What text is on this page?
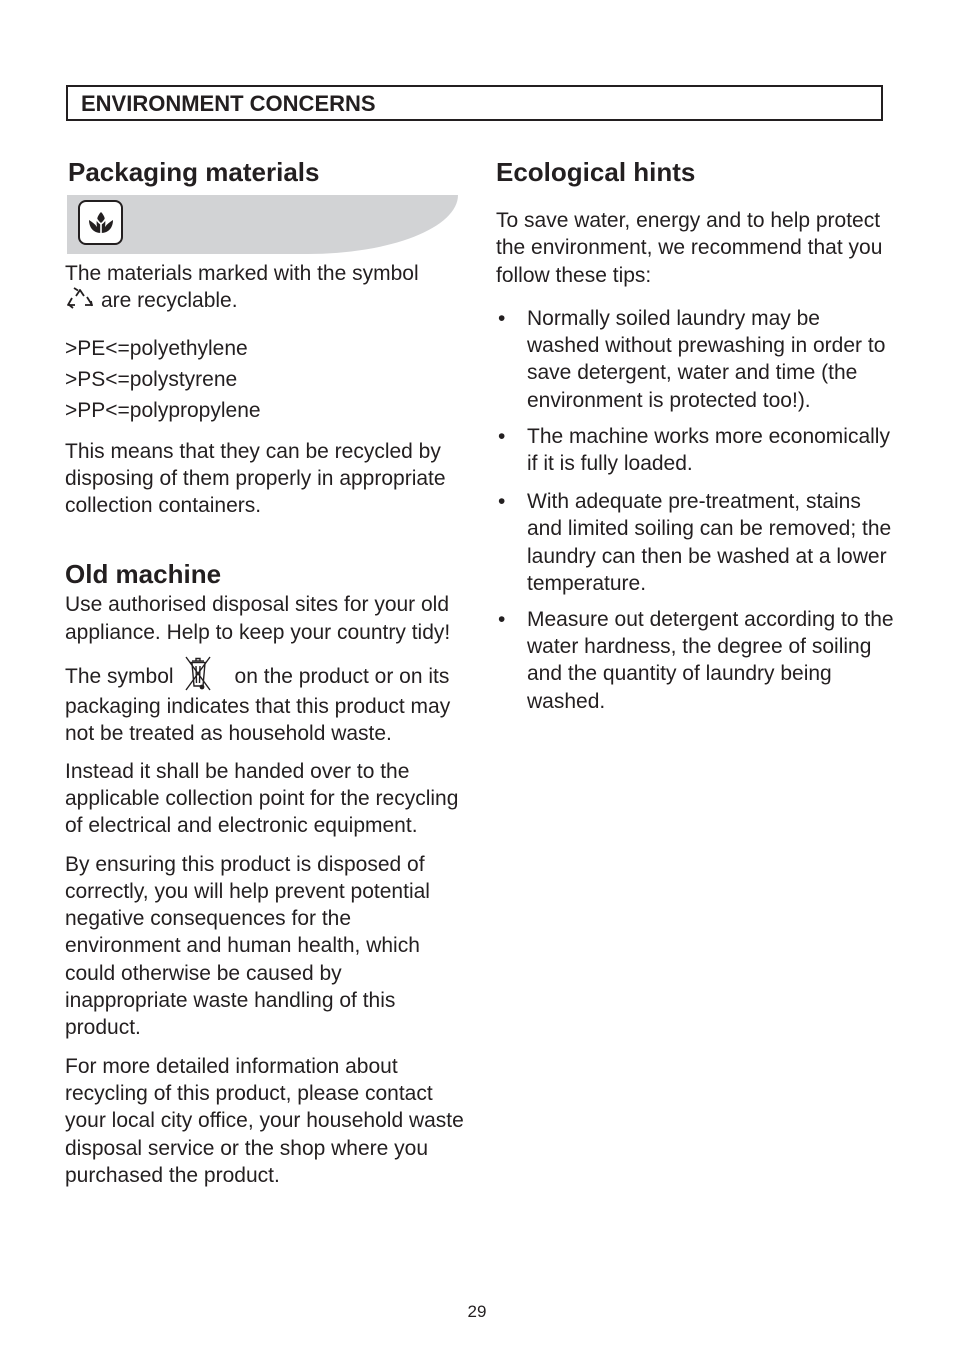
ENVIRONMENT CONCERNS
Packaging materials

The materials marked with the symbol
are recyclable.

>PE<=polyethylene
>PS<=polystyrene
>PP<=polypropylene

This means that they can be recycled by disposing of them properly in appropriate collection containers.

Old machine

Use authorised disposal sites for your old appliance. Help to keep your country tidy!

The symbol	on the product or on its packaging indicates that this product may not be treated as household waste.

Instead it shall be handed over to the applicable collection point for the recycling of electrical and electronic equipment.

By ensuring this product is disposed of correctly, you will help prevent potential negative consequences for the environment and human health, which could otherwise be caused by inappropriate waste handling of this product.

For more detailed information about recycling of this product, please contact your local city office, your household waste disposal service or the shop where you purchased the product.

Ecological hints

To save water, energy and to help protect the environment, we recommend that you follow these tips:

• Normally soiled laundry may be washed without prewashing in order to save detergent, water and time (the environment is protected too!).
• The machine works more economically if it is fully loaded.
• With adequate pre-treatment, stains and limited soiling can be removed; the laundry can then be washed at a lower temperature.
• Measure out detergent according to the water hardness, the degree of soiling and the quantity of laundry being washed.
29
